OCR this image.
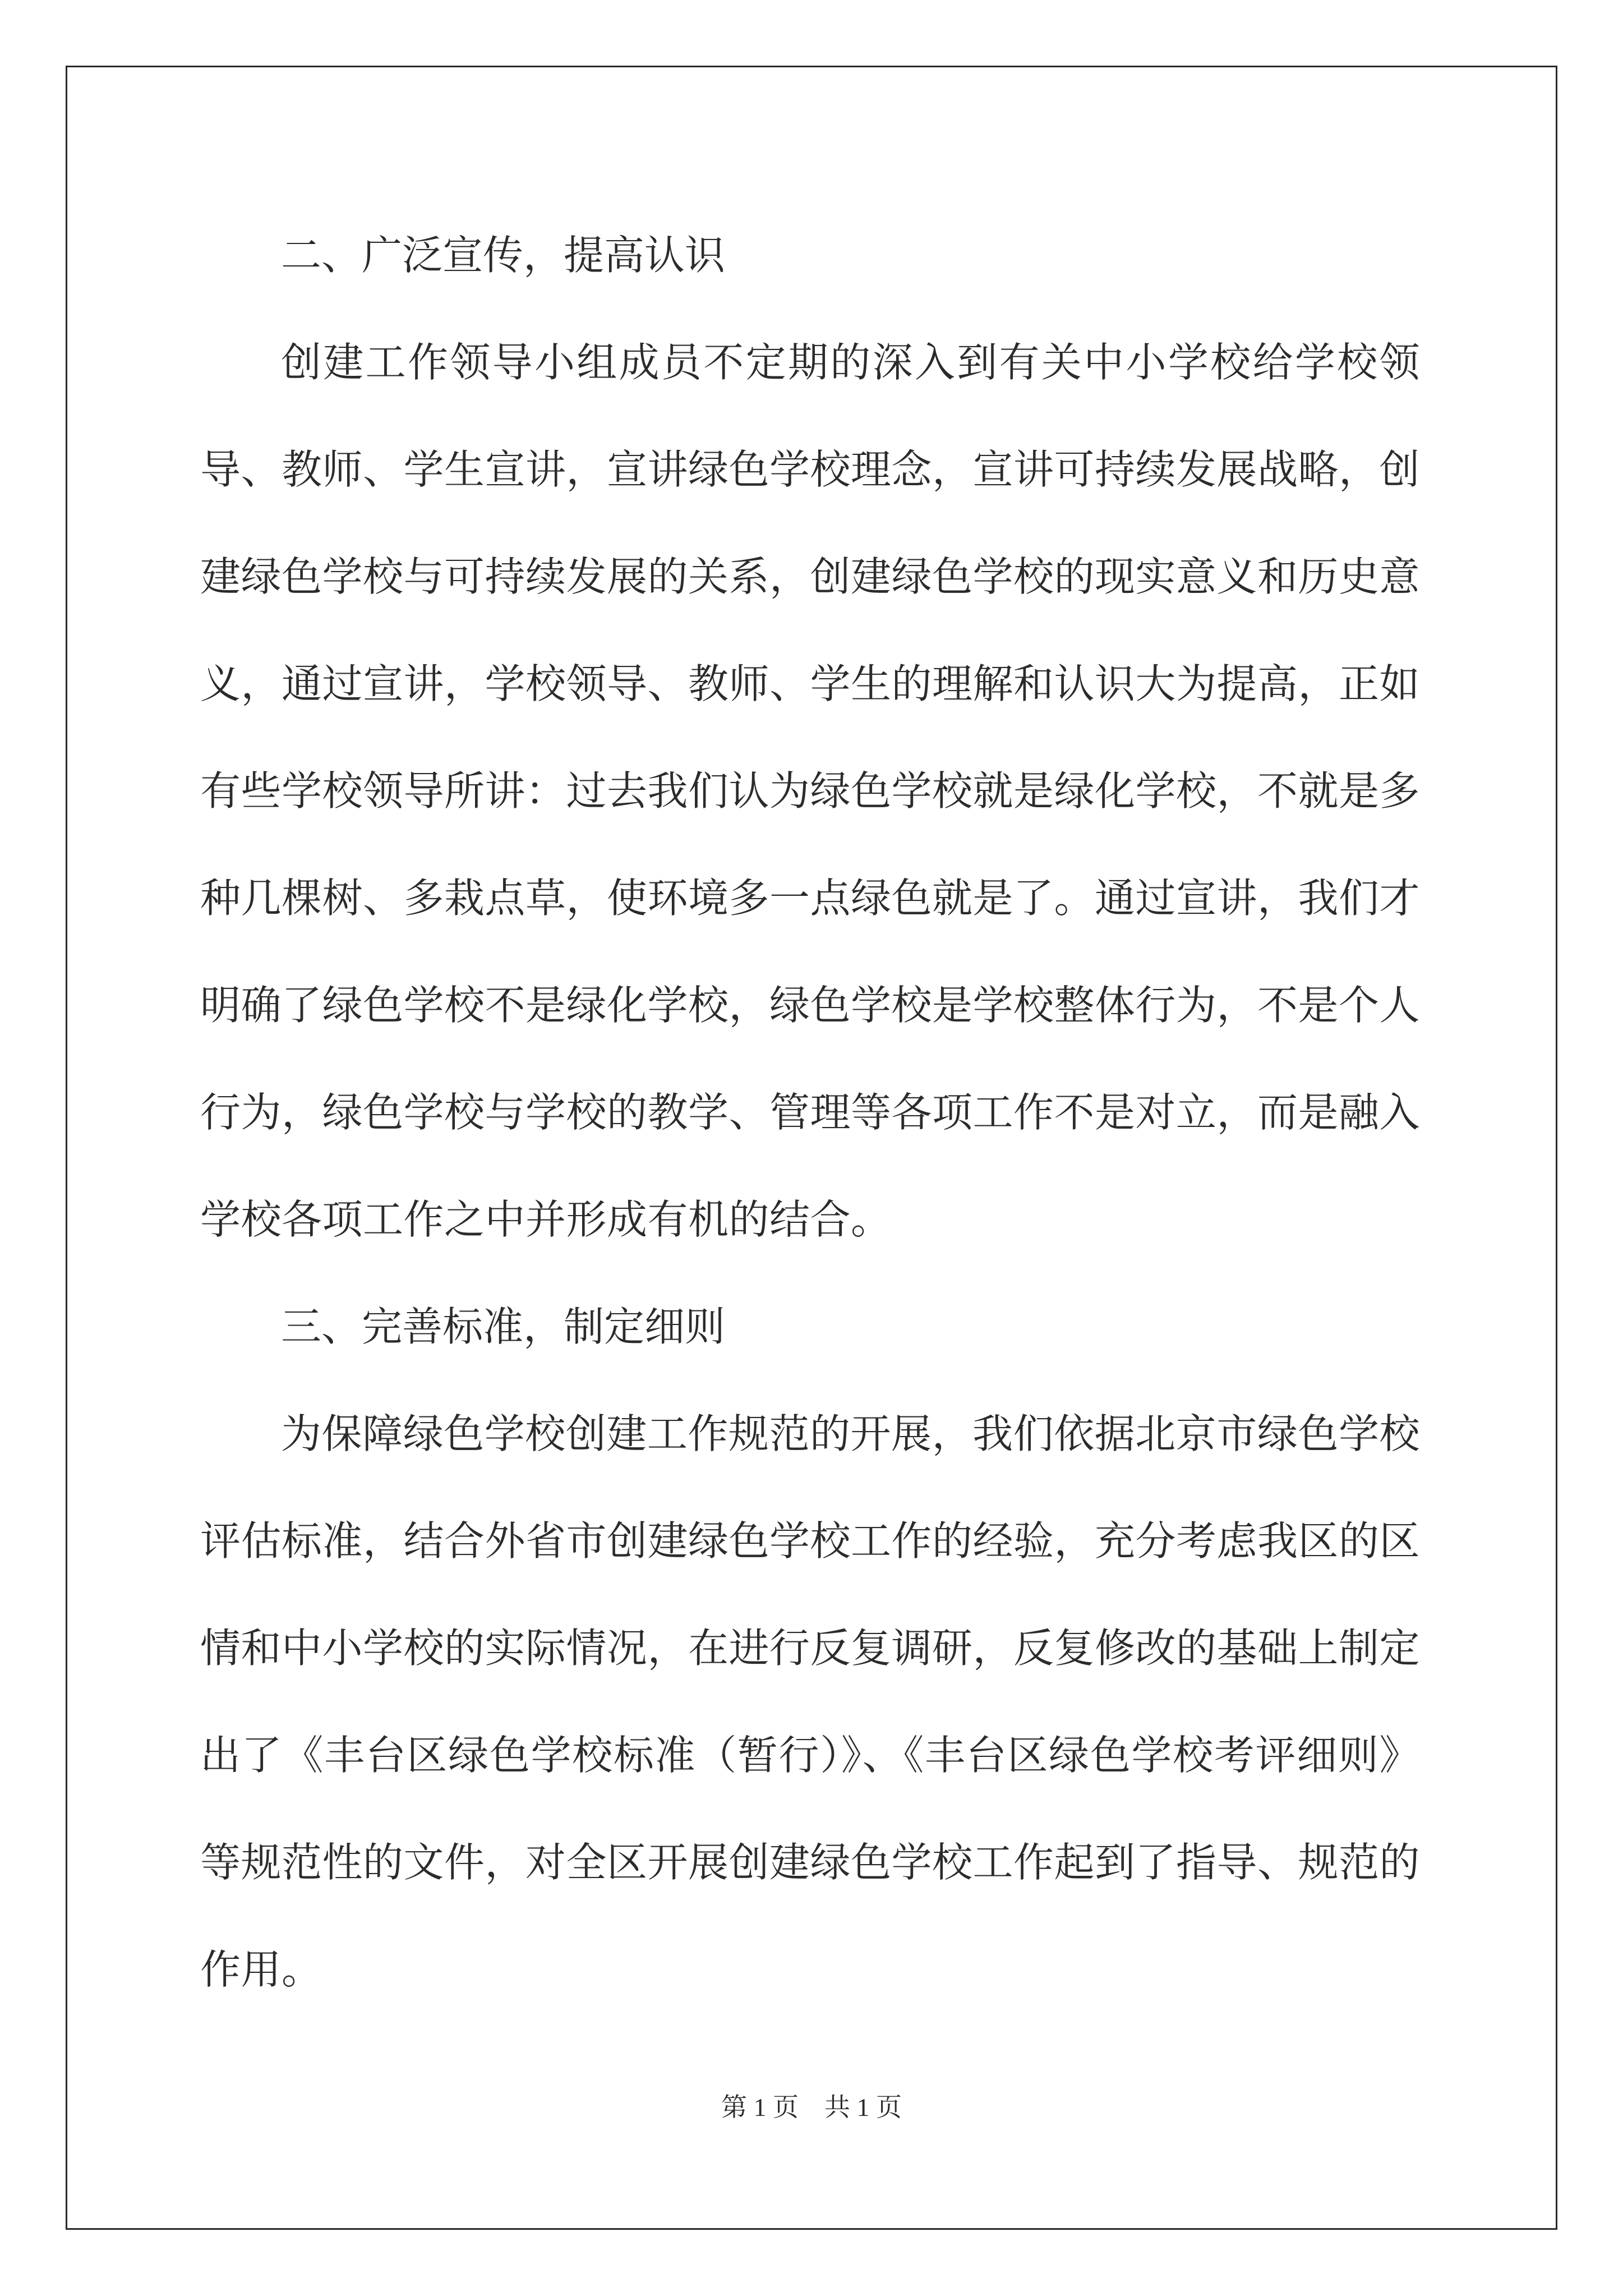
二、广泛宣传，提高认识

创建工作领导小组成员不定期的深入到有关中小学校给学校领导、教师、学生宣讲，宣讲绿色学校理念，宣讲可持续发展战略，创建绿色学校与可持续发展的关系，创建绿色学校的现实意义和历史意义，通过宣讲，学校领导、教师、学生的理解和认识大为提高，正如有些学校领导所讲：过去我们认为绿色学校就是绿化学校，不就是多种几棵树、多栽点草，使环境多一点绿色就是了。通过宣讲，我们才明确了绿色学校不是绿化学校，绿色学校是学校整体行为，不是个人行为，绿色学校与学校的教学、管理等各项工作不是对立，而是融入学校各项工作之中并形成有机的结合。

三、完善标准，制定细则

为保障绿色学校创建工作规范的开展，我们依据北京市绿色学校评估标准，结合外省市创建绿色学校工作的经验，充分考虑我区的区情和中小学校的实际情况，在进行反复调研，反复修改的基础上制定出了《丰台区绿色学校标准（暂行）》、《丰台区绿色学校考评细则》等规范性的文件，对全区开展创建绿色学校工作起到了指导、规范的作用。

第 1 页　共 1 页
